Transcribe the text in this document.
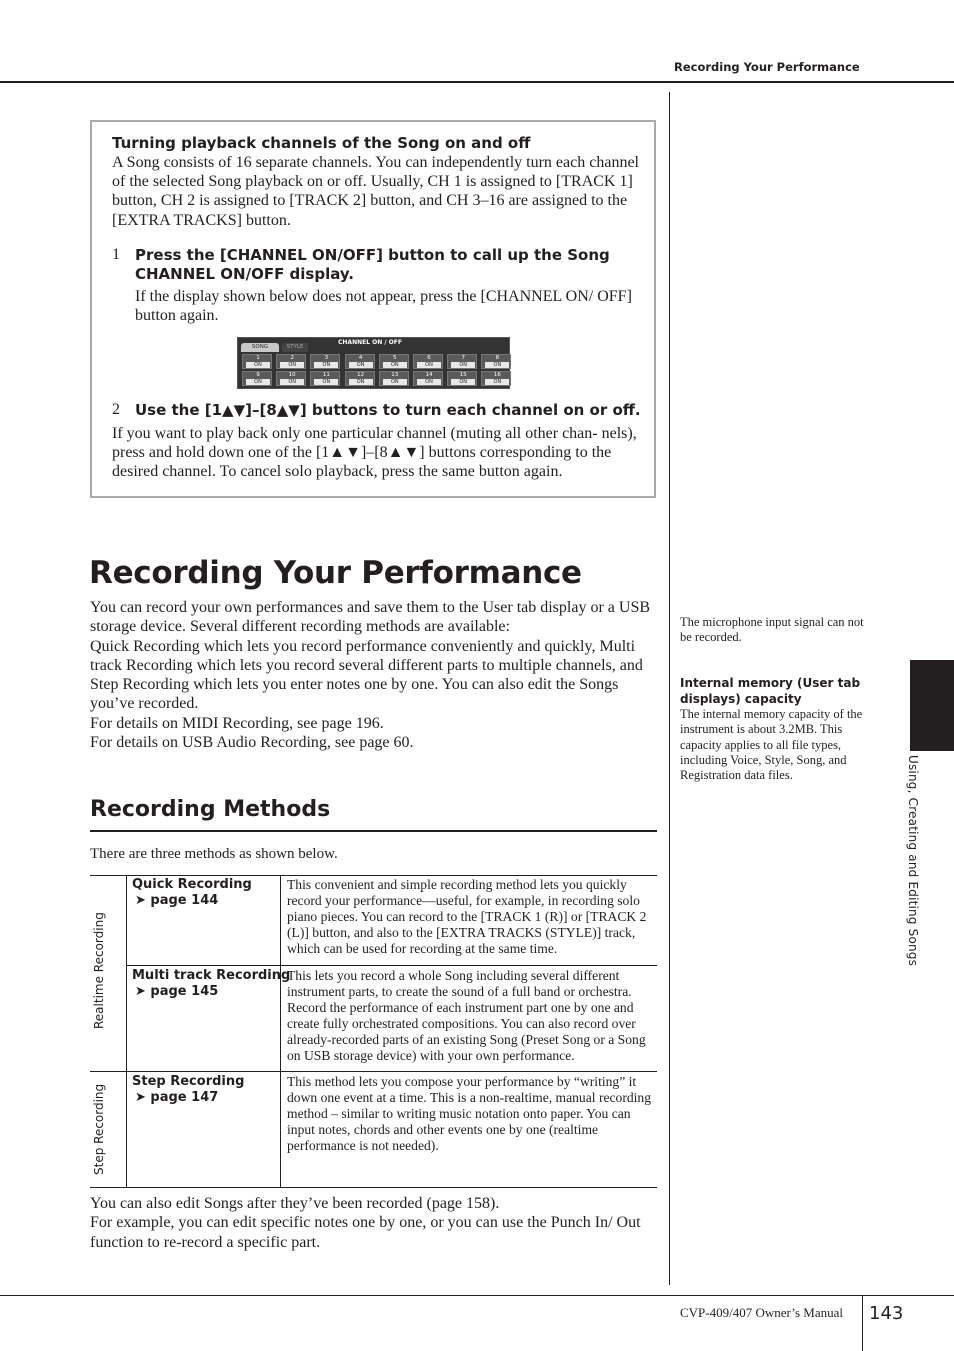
Recording Your Performance
Using, Creating and Editing Songs
Turning playback channels of the Song on and off
A Song consists of 16 separate channels. You can independently turn each channel of the selected Song playback on or off. Usually, CH 1 is assigned to [TRACK 1] button, CH 2 is assigned to [TRACK 2] button, and CH 3–16 are assigned to the [EXTRA TRACKS] button.
1 Press the [CHANNEL ON/OFF] button to call up the Song CHANNEL ON/OFF display.
If the display shown below does not appear, press the [CHANNEL ON/ OFF] button again.
CHANNEL ON / OFF
SONG	STYLE
1
ON
2
ON
3
ON
4
ON
5
ON
6
ON
7
ON
8
ON
9
ON
10
ON
11
ON
12
ON
13
ON
14
ON
15
ON
16
ON
2 Use the [1▲▼]–[8▲▼] buttons to turn each channel on or off.
If you want to play back only one particular channel (muting all other chan- nels), press and hold down one of the [1▲▼]–[8▲▼] buttons corresponding to the desired channel. To cancel solo playback, press the same button again.
Recording Your Performance

You can record your own performances and save them to the User tab display or a USB storage device. Several different recording methods are available:

Quick Recording which lets you record performance conveniently and quickly, Multi track Recording which lets you record several different parts to multiple channels, and Step Recording which lets you enter notes one by one. You can also edit the Songs you’ve recorded.

For details on MIDI Recording, see page 196.

For details on USB Audio Recording, see page 60.

Recording Methods
There are three methods as shown below.
Realtime Recording
Step Recording
Quick Recording
➤ page 144
This convenient and simple recording method lets you quickly record your performance—useful, for example, in recording solo piano pieces. You can record to the [TRACK 1 (R)] or [TRACK 2 (L)] button, and also to the [EXTRA TRACKS (STYLE)] track, which can be used for recording at the same time.
Multi track Recording
➤ page 145
This lets you record a whole Song including several different instrument parts, to create the sound of a full band or orchestra. Record the performance of each instrument part one by one and create fully orchestrated compositions. You can also record over already-recorded parts of an existing Song (Preset Song or a Song on USB storage device) with your own performance.
Step Recording
➤ page 147
This method lets you compose your performance by “writing” it down one event at a time. This is a non-realtime, manual recording method – similar to writing music notation onto paper. You can input notes, chords and other events one by one (realtime performance is not needed).

You can also edit Songs after they’ve been recorded (page 158).

For example, you can edit specific notes one by one, or you can use the Punch In/ Out function to re-record a specific part.

The microphone input signal can not be recorded.
Internal memory (User tab displays) capacity
The internal memory capacity of the instrument is about 3.2MB. This capacity applies to all file types, including Voice, Style, Song, and Registration data files.
CVP-409/407 Owner’s Manual 143
